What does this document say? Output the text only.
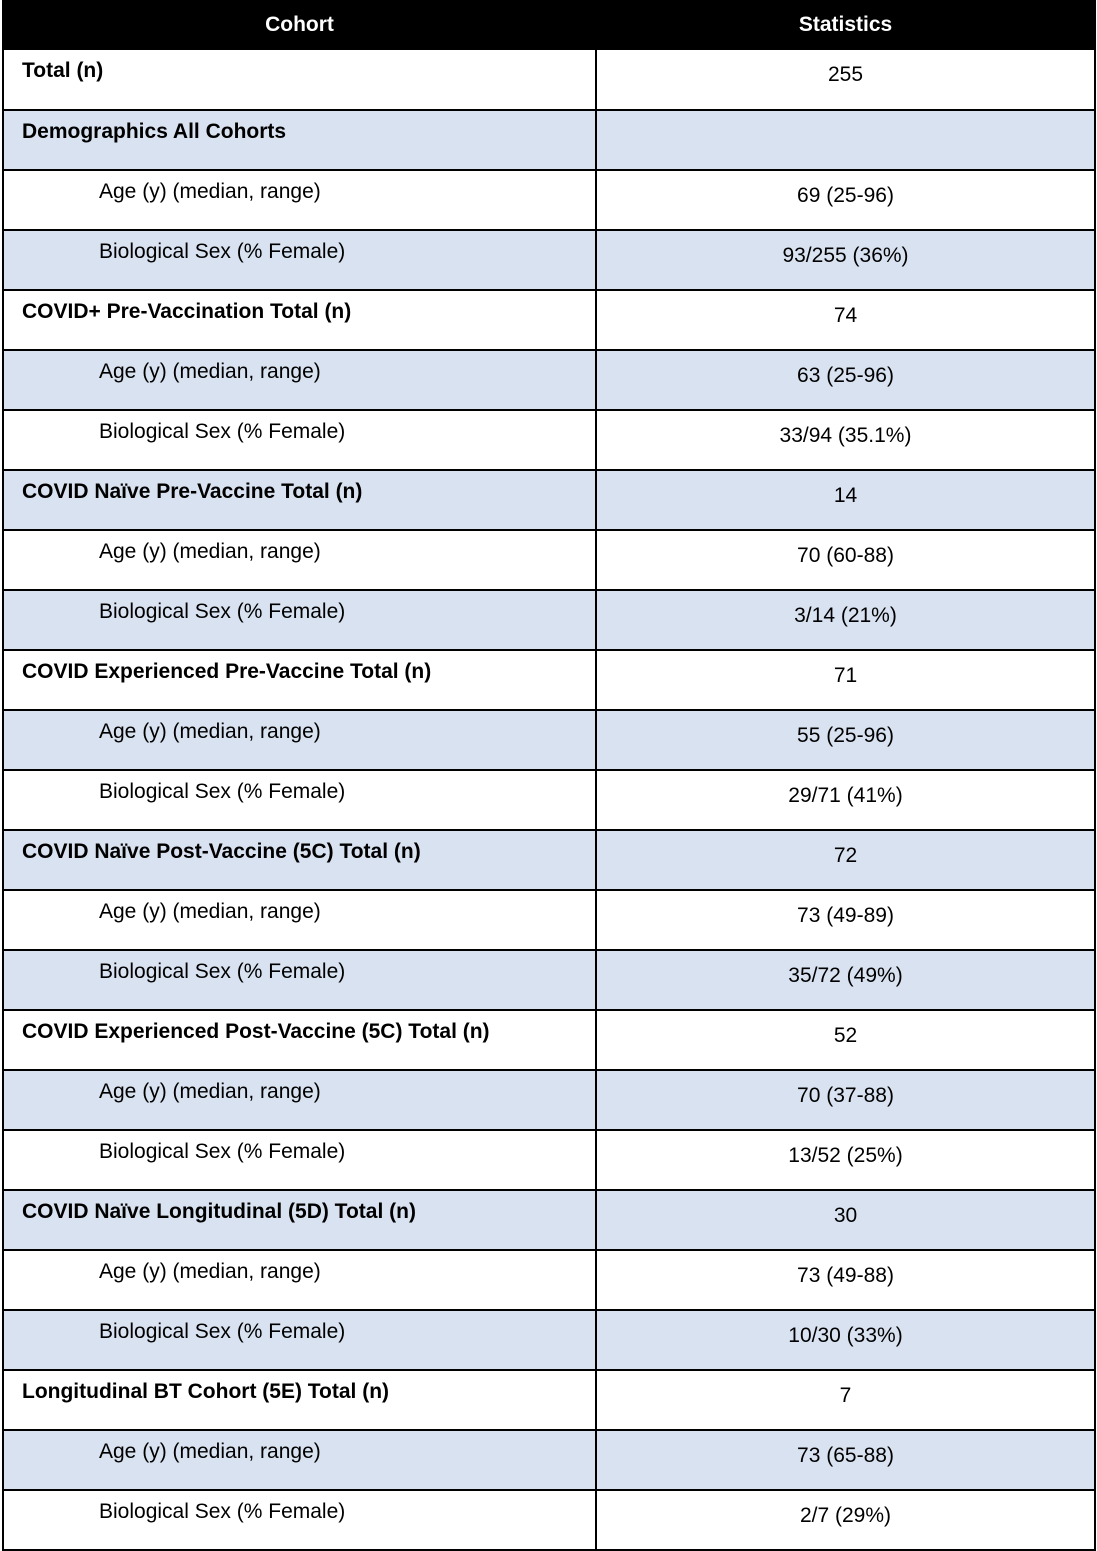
Cohort	Statistics
Total (n)	255
Demographics All Cohorts	
Age (y) (median, range)	69 (25-96)
Biological Sex (% Female)	93/255 (36%)
COVID+ Pre-Vaccination Total (n)	74
Age (y) (median, range)	63 (25-96)
Biological Sex (% Female)	33/94 (35.1%)
COVID Naïve Pre-Vaccine Total (n)	14
Age (y) (median, range)	70 (60-88)
Biological Sex (% Female)	3/14 (21%)
COVID Experienced Pre-Vaccine Total (n)	71
Age (y) (median, range)	55 (25-96)
Biological Sex (% Female)	29/71 (41%)
COVID Naïve Post-Vaccine (5C) Total (n)	72
Age (y) (median, range)	73 (49-89)
Biological Sex (% Female)	35/72 (49%)
COVID Experienced Post-Vaccine (5C) Total (n)	52
Age (y) (median, range)	70 (37-88)
Biological Sex (% Female)	13/52 (25%)
COVID Naïve Longitudinal (5D) Total (n)	30
Age (y) (median, range)	73 (49-88)
Biological Sex (% Female)	10/30 (33%)
Longitudinal BT Cohort (5E) Total (n)	7
Age (y) (median, range)	73 (65-88)
Biological Sex (% Female)	2/7 (29%)
